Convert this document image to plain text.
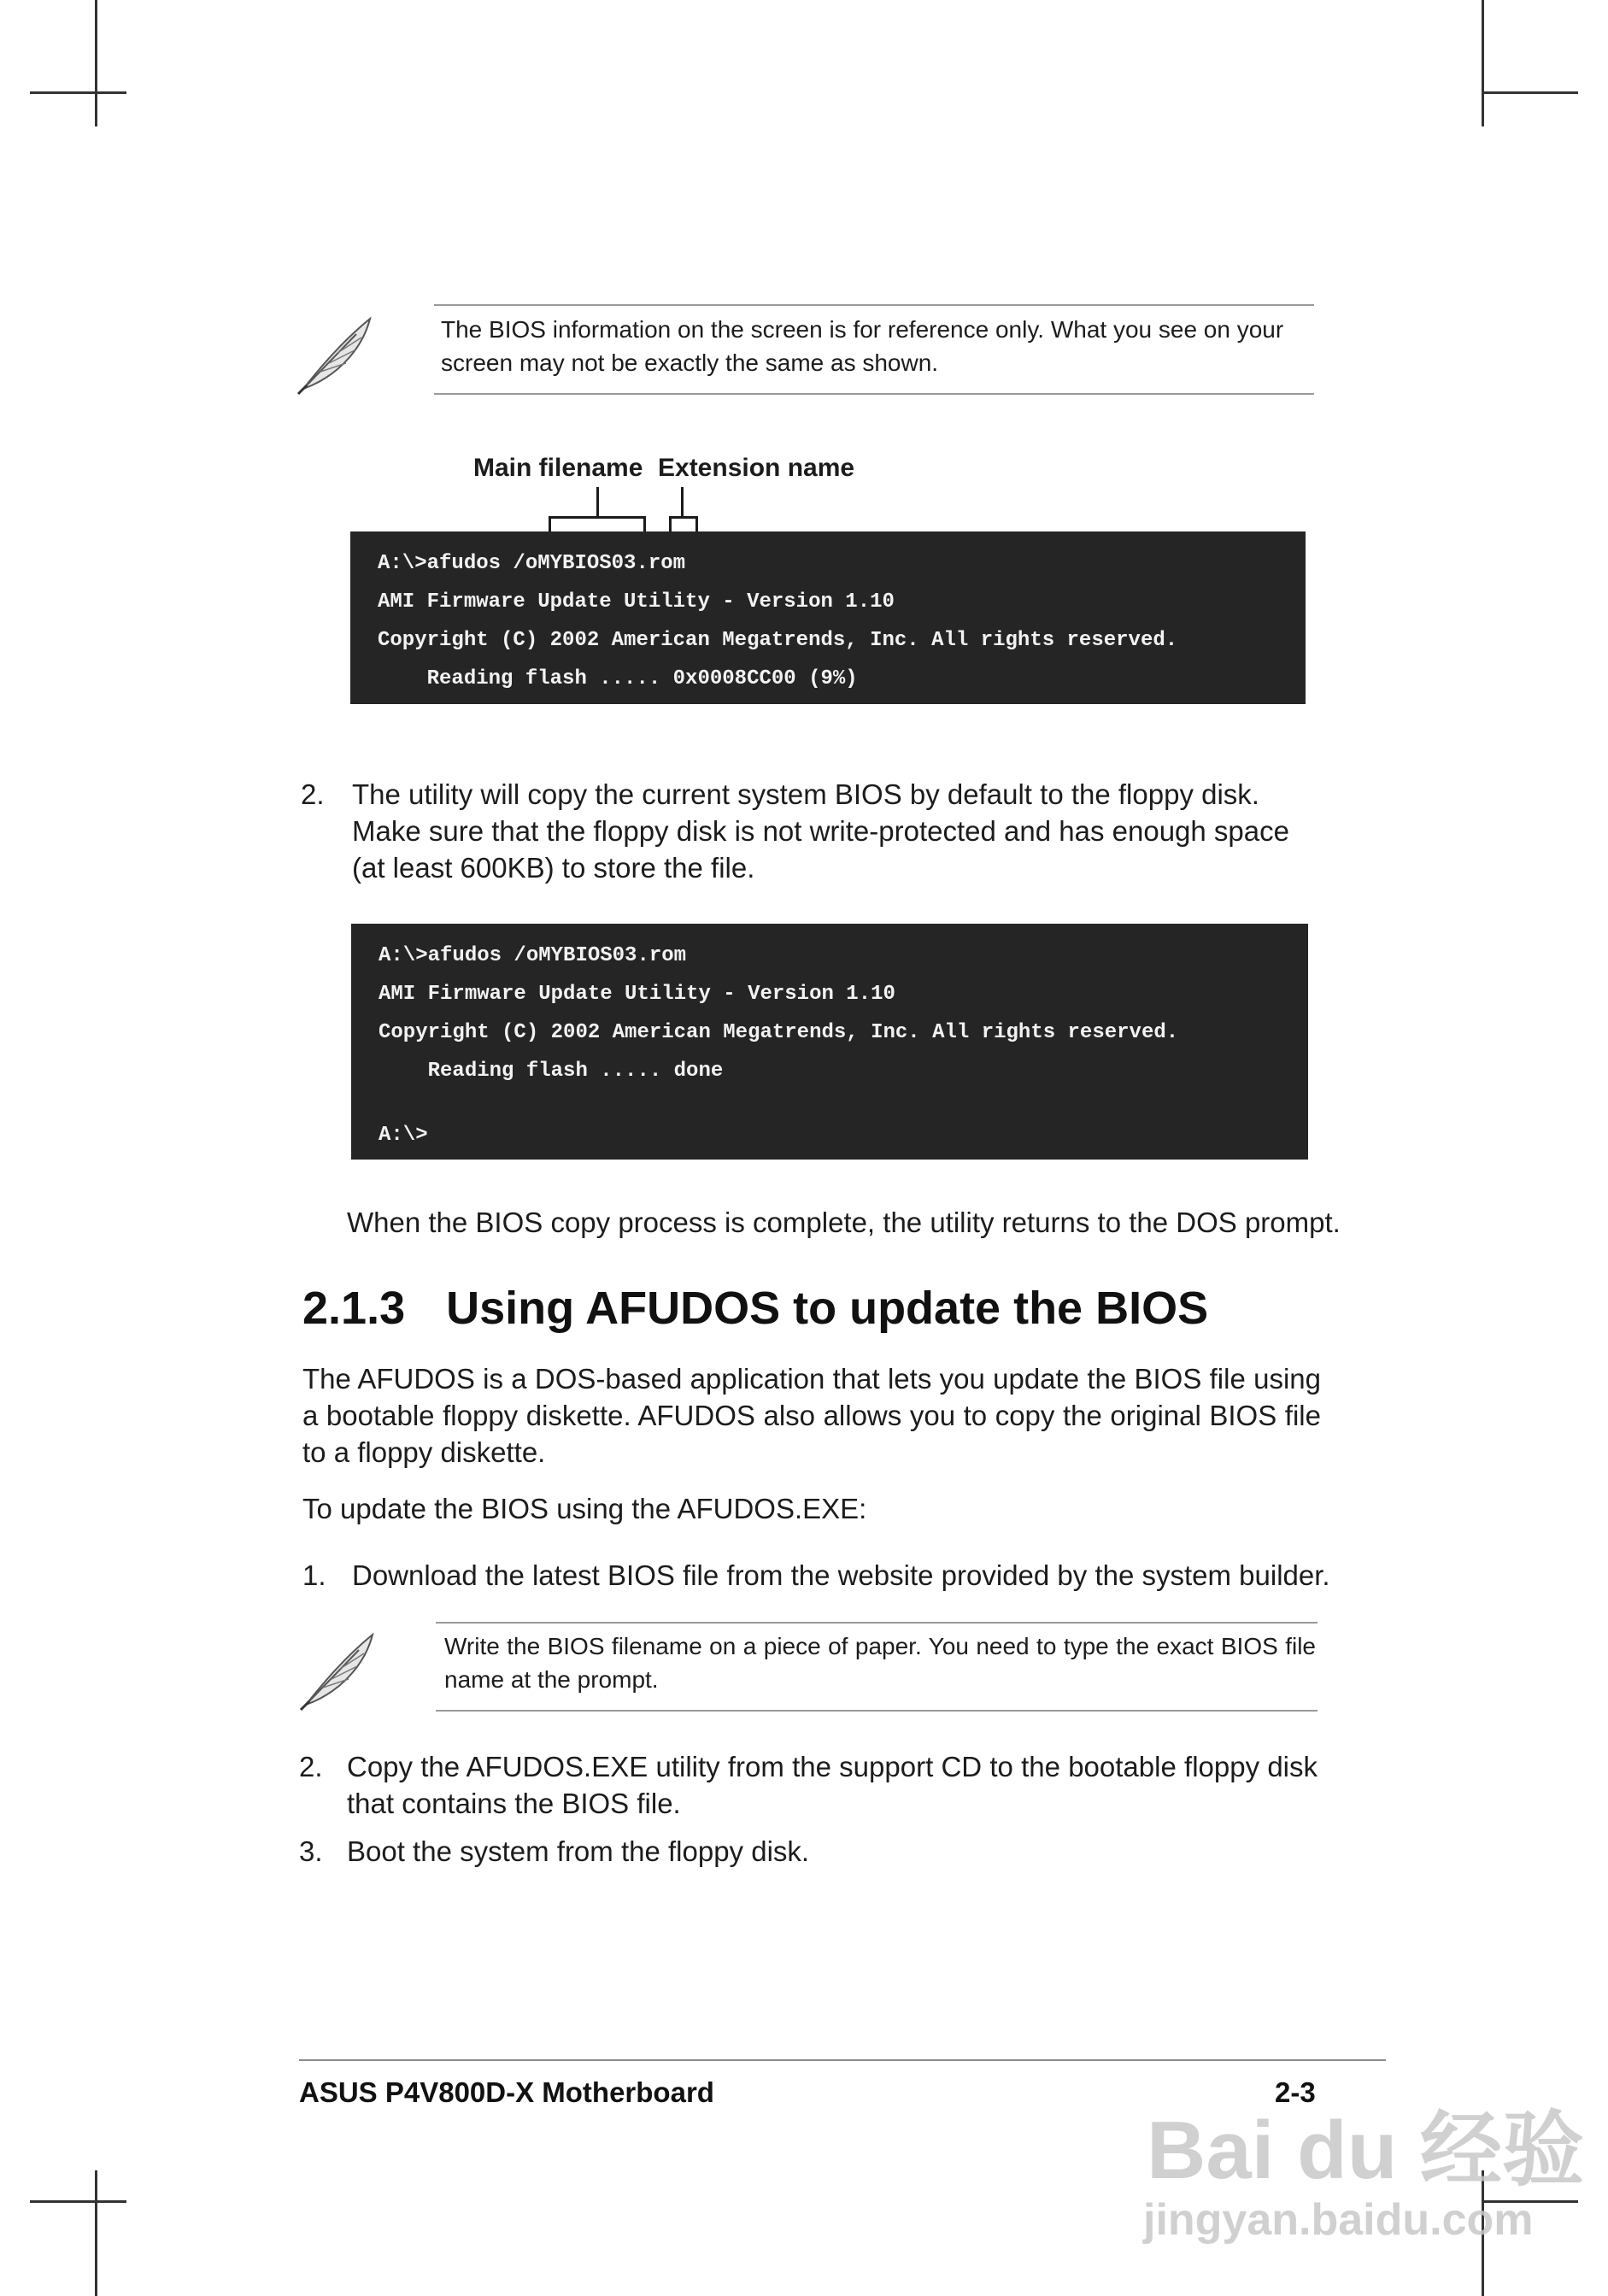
The BIOS information on the screen is for reference only. What you see on your screen may not be exactly the same as shown.
Main filename Extension name
A:\>afudos /oMYBIOS03.rom
AMI Firmware Update Utility - Version 1.10
Copyright (C) 2002 American Megatrends, Inc. All rights reserved.
Reading flash ..... 0x0008CC00 (9%)
2. The utility will copy the current system BIOS by default to the floppy disk. Make sure that the floppy disk is not write-protected and has enough space (at least 600KB) to store the file.
A:\>afudos /oMYBIOS03.rom
AMI Firmware Update Utility - Version 1.10
Copyright (C) 2002 American Megatrends, Inc. All rights reserved.
Reading flash ..... done
A:\>
When the BIOS copy process is complete, the utility returns to the DOS prompt.
2.1.3 Using AFUDOS to update the BIOS
The AFUDOS is a DOS-based application that lets you update the BIOS file using a bootable floppy diskette. AFUDOS also allows you to copy the original BIOS file to a floppy diskette.
To update the BIOS using the AFUDOS.EXE:
1. Download the latest BIOS file from the website provided by the system builder.
Write the BIOS filename on a piece of paper. You need to type the exact BIOS file name at the prompt.
2. Copy the AFUDOS.EXE utility from the support CD to the bootable floppy disk that contains the BIOS file.
3. Boot the system from the floppy disk.
ASUS P4V800D-X Motherboard	2-3
Bai du 经验
jingyan.baidu.com
